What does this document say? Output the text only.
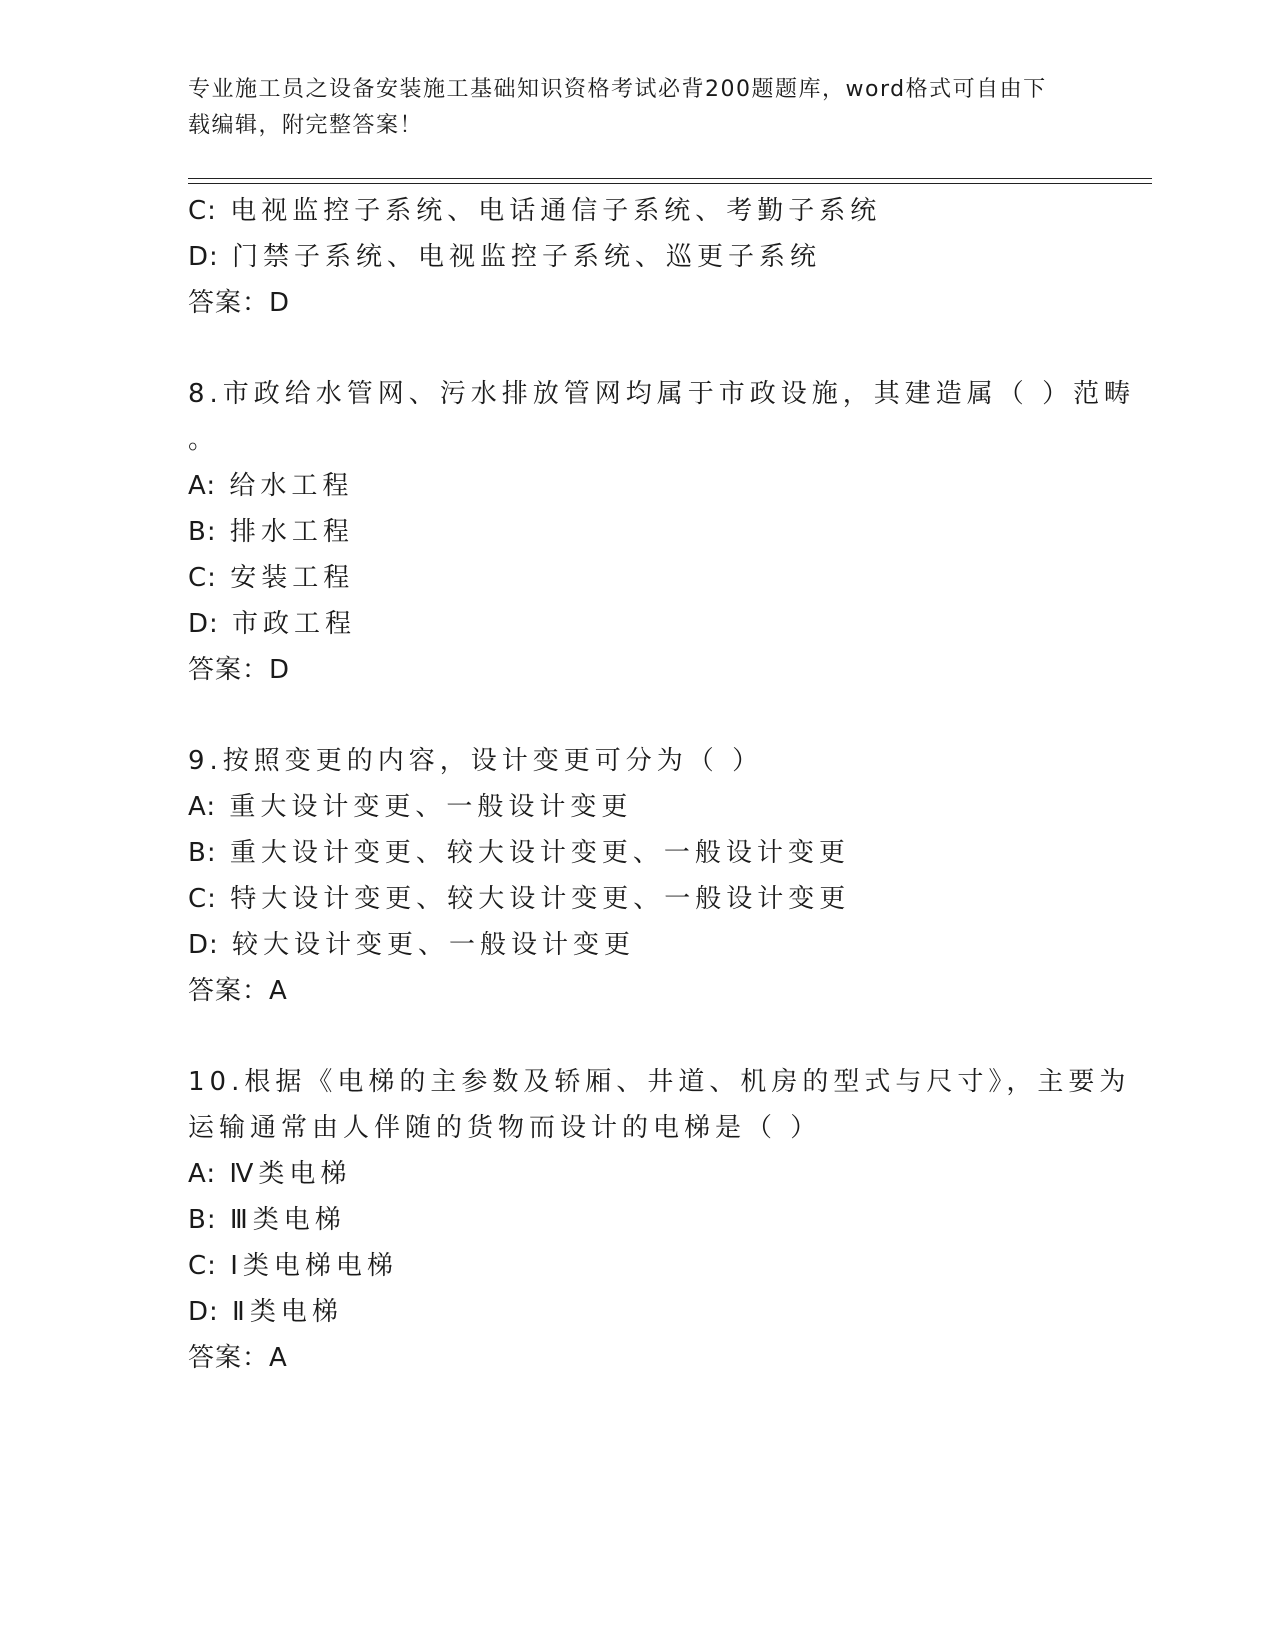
专业施工员之设备安装施工基础知识资格考试必背200题题库，word格式可自由下载编辑，附完整答案！
C: 电视监控子系统、电话通信子系统、考勤子系统
D: 门禁子系统、电视监控子系统、巡更子系统
答案：D
8.市政给水管网、污水排放管网均属于市政设施，其建造属（ ）范畴
。
A: 给水工程
B: 排水工程
C: 安装工程
D: 市政工程
答案：D
9.按照变更的内容，设计变更可分为（ ）
A: 重大设计变更、一般设计变更
B: 重大设计变更、较大设计变更、一般设计变更
C: 特大设计变更、较大设计变更、一般设计变更
D: 较大设计变更、一般设计变更
答案：A
10.根据《电梯的主参数及轿厢、井道、机房的型式与尺寸》，主要为
运输通常由人伴随的货物而设计的电梯是（ ）
A: Ⅳ类电梯
B: Ⅲ类电梯
C: Ⅰ类电梯电梯
D: Ⅱ类电梯
答案：A
